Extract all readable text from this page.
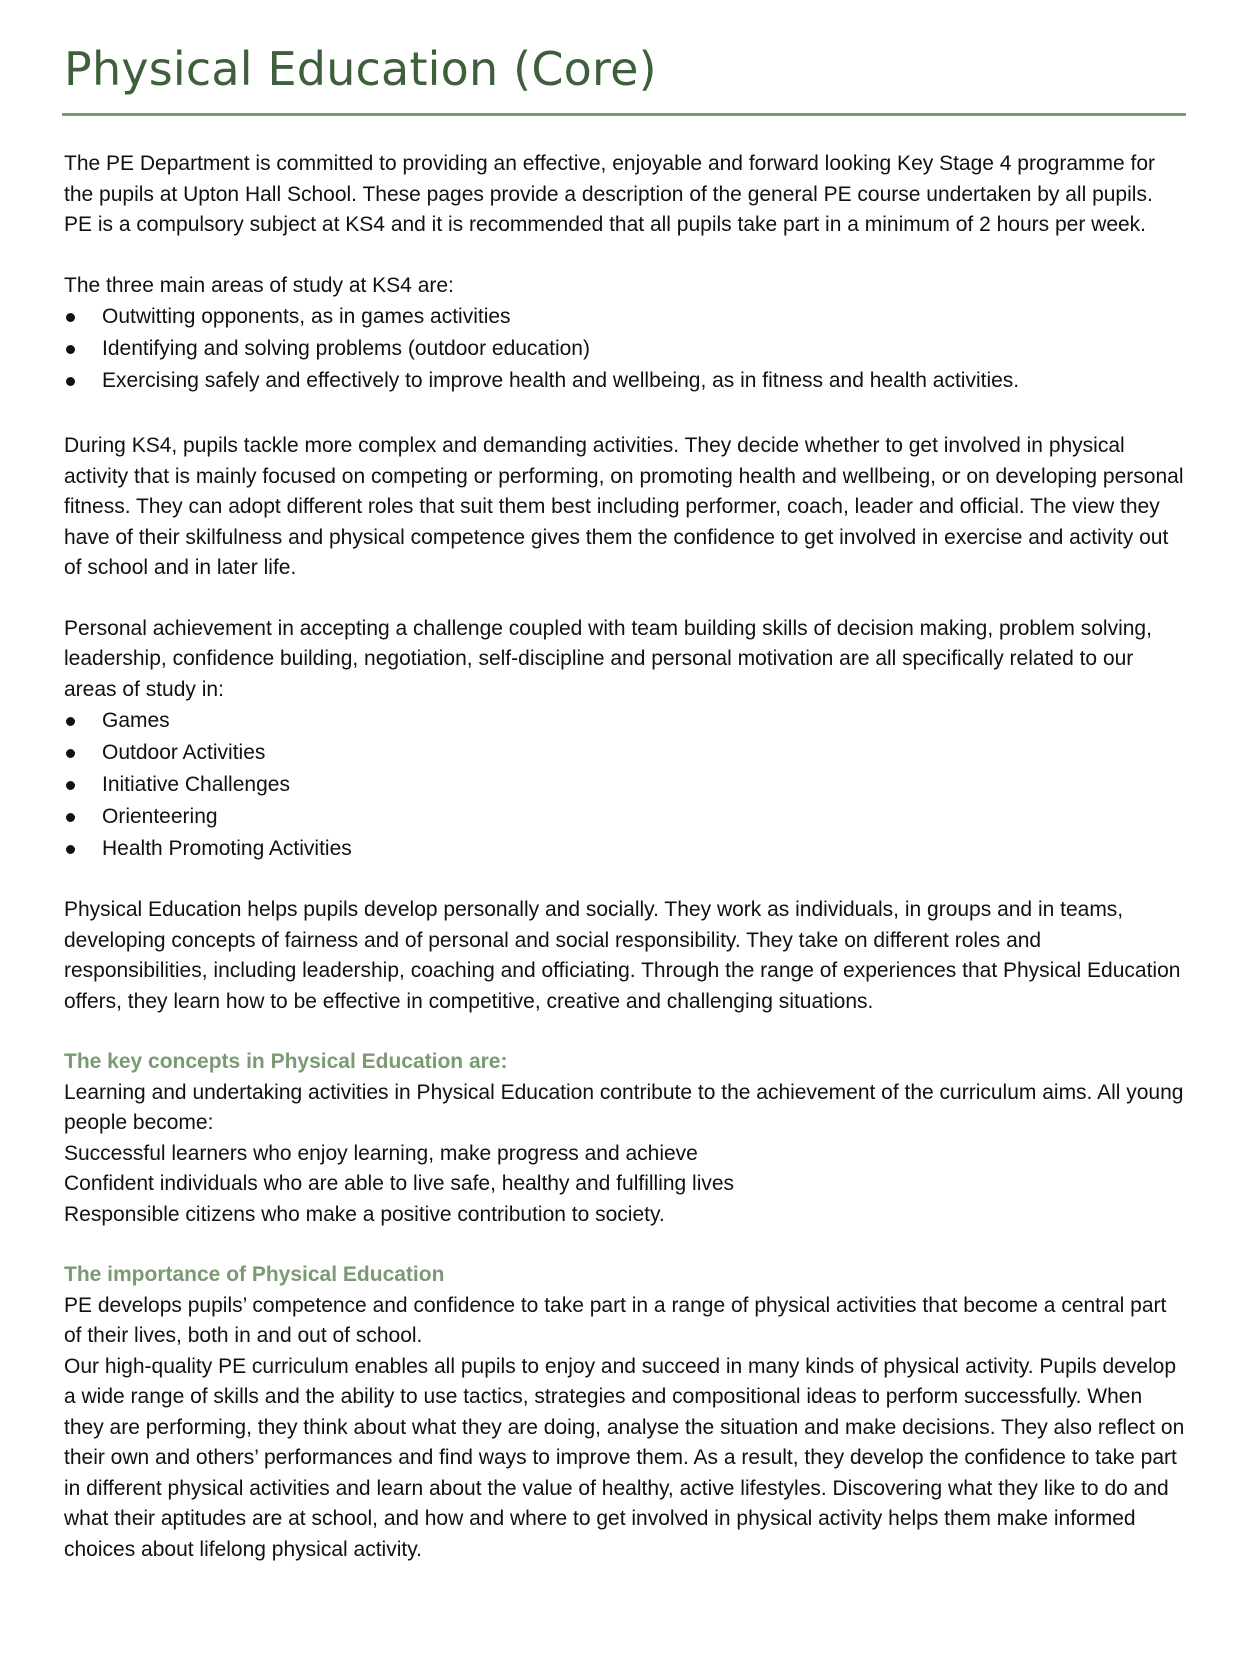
Physical Education (Core)

The PE Department is committed to providing an effective, enjoyable and forward looking Key Stage 4 programme for the pupils at Upton Hall School. These pages provide a description of the general PE course undertaken by all pupils. PE is a compulsory subject at KS4 and it is recommended that all pupils take part in a minimum of 2 hours per week.

The three main areas of study at KS4 are:

Outwitting opponents, as in games activities
Identifying and solving problems (outdoor education)
Exercising safely and effectively to improve health and wellbeing, as in fitness and health activities.

During KS4, pupils tackle more complex and demanding activities. They decide whether to get involved in physical activity that is mainly focused on competing or performing, on promoting health and wellbeing, or on developing personal fitness. They can adopt different roles that suit them best including performer, coach, leader and official. The view they have of their skilfulness and physical competence gives them the confidence to get involved in exercise and activity out of school and in later life.

Personal achievement in accepting a challenge coupled with team building skills of decision making, problem solving, leadership, confidence building, negotiation, self-discipline and personal motivation are all specifically related to our areas of study in:

Games
Outdoor Activities
Initiative Challenges
Orienteering
Health Promoting Activities

Physical Education helps pupils develop personally and socially. They work as individuals, in groups and in teams, developing concepts of fairness and of personal and social responsibility. They take on different roles and responsibilities, including leadership, coaching and officiating. Through the range of experiences that Physical Education offers, they learn how to be effective in competitive, creative and challenging situations.

The key concepts in Physical Education are:

Learning and undertaking activities in Physical Education contribute to the achievement of the curriculum aims. All young people become:

Successful learners who enjoy learning, make progress and achieve
Confident individuals who are able to live safe, healthy and fulfilling lives
Responsible citizens who make a positive contribution to society.
The importance of Physical Education

PE develops pupils’ competence and confidence to take part in a range of physical activities that become a central part of their lives, both in and out of school.

Our high-quality PE curriculum enables all pupils to enjoy and succeed in many kinds of physical activity. Pupils develop a wide range of skills and the ability to use tactics, strategies and compositional ideas to perform successfully. When they are performing, they think about what they are doing, analyse the situation and make decisions. They also reflect on their own and others’ performances and find ways to improve them. As a result, they develop the confidence to take part in different physical activities and learn about the value of healthy, active lifestyles. Discovering what they like to do and what their aptitudes are at school, and how and where to get involved in physical activity helps them make informed choices about lifelong physical activity.
